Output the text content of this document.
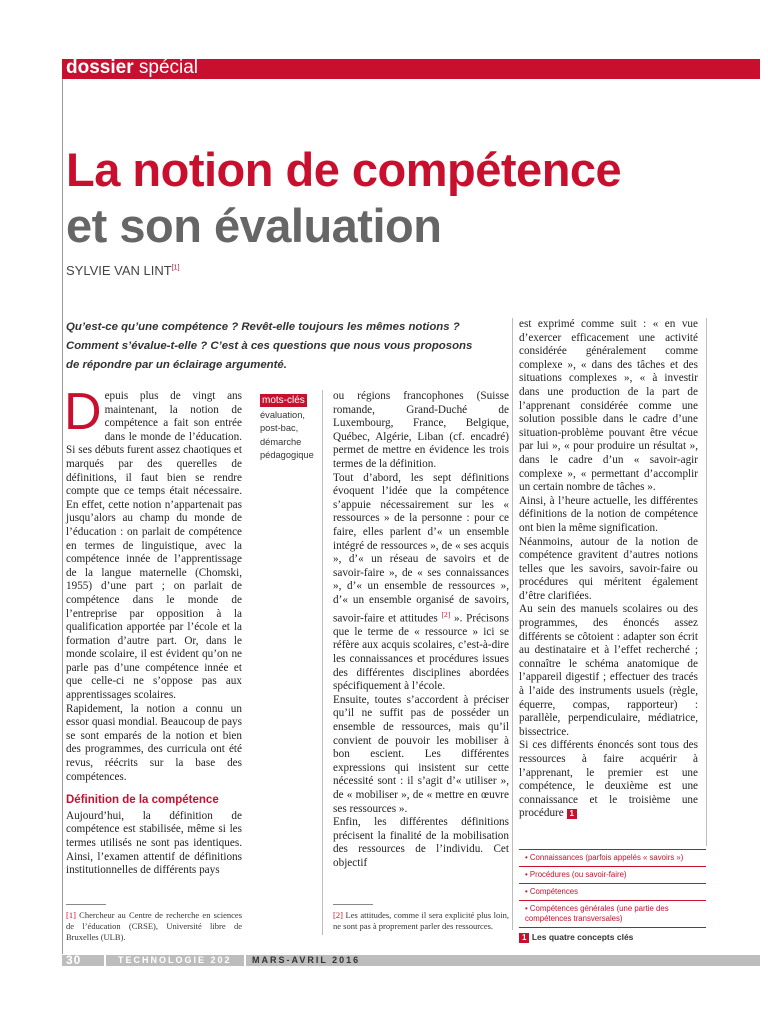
dossier spécial
La notion de compétence
et son évaluation
SYLVIE VAN LINT[1]
Qu’est-ce qu’une compétence ? Revêt-elle toujours les mêmes notions ? Comment s’évalue-t-elle ? C’est à ces questions que nous vous proposons de répondre par un éclairage argumenté.

Depuis plus de vingt ans maintenant, la notion de compétence a fait son entrée dans le monde de l’éducation. Si ses débuts furent assez chaotiques et marqués par des querelles de définitions, il faut bien se rendre compte que ce temps était nécessaire. En effet, cette notion n’appartenait pas jusqu’alors au champ du monde de l’éducation : on parlait de compétence en termes de linguistique, avec la compétence innée de l’apprentissage de la langue maternelle (Chomski, 1955) d’une part ; on parlait de compétence dans le monde de l’entreprise par opposition à la qualification apportée par l’école et la formation d’autre part. Or, dans le monde scolaire, il est évident qu’on ne parle pas d’une compétence innée et que celle-ci ne s’oppose pas aux apprentissages scolaires.

Rapidement, la notion a connu un essor quasi mondial. Beaucoup de pays se sont emparés de la notion et bien des programmes, des curricula ont été revus, réécrits sur la base des compétences.

Définition de la compétence

Aujourd’hui, la définition de compétence est stabilisée, même si les termes utilisés ne sont pas identiques. Ainsi, l’examen attentif de définitions institutionnelles de différents pays

mots-clés
évaluation,
post-bac,
démarche
pédagogique

ou régions francophones (Suisse romande, Grand-Duché de Luxembourg, France, Belgique, Québec, Algérie, Liban (cf. encadré) permet de mettre en évidence les trois termes de la définition.

Tout d’abord, les sept définitions évoquent l’idée que la compétence s’appuie nécessairement sur les « ressources » de la personne : pour ce faire, elles parlent d’« un ensemble intégré de ressources », de « ses acquis », d’« un réseau de savoirs et de savoir-faire », de « ses connaissances », d’« un ensemble de ressources », d’« un ensemble organisé de savoirs, savoir-faire et attitudes [2] ». Précisons que le terme de « ressource » ici se réfère aux acquis scolaires, c’est-à-dire les connaissances et procédures issues des différentes disciplines abordées spécifiquement à l’école.

Ensuite, toutes s’accordent à préciser qu’il ne suffit pas de posséder un ensemble de ressources, mais qu’il convient de pouvoir les mobiliser à bon escient. Les différentes expressions qui insistent sur cette nécessité sont : il s’agit d’« utiliser », de « mobiliser », de « mettre en œuvre ses ressources ».

Enfin, les différentes définitions précisent la finalité de la mobilisation des ressources de l’individu. Cet objectif

est exprimé comme suit : « en vue d’exercer efficacement une activité considérée généralement comme complexe », « dans des tâches et des situations complexes », « à investir dans une production de la part de l’apprenant considérée comme une solution possible dans le cadre d’une situation-problème pouvant être vécue par lui », « pour produire un résultat », dans le cadre d’un « savoir-agir complexe », « permettant d’accomplir un certain nombre de tâches ».

Ainsi, à l’heure actuelle, les différentes définitions de la notion de compétence ont bien la même signification.

Néanmoins, autour de la notion de compétence gravitent d’autres notions telles que les savoirs, savoir-faire ou procédures qui méritent également d’être clarifiées.

Au sein des manuels scolaires ou des programmes, des énoncés assez différents se côtoient : adapter son écrit au destinataire et à l’effet recherché ; connaître le schéma anatomique de l’appareil digestif ; effectuer des tracés à l’aide des instruments usuels (règle, équerre, compas, rapporteur) : parallèle, perpendiculaire, médiatrice, bissectrice.

Si ces différents énoncés sont tous des ressources à faire acquérir à l’apprenant, le premier est une compétence, le deuxième est une connaissance et le troisième une procédure 1

• Connaissances (parfois appelés « savoirs »)
• Procédures (ou savoir-faire)
• Compétences
• Compétences générales (une partie des compétences transversales)
1 Les quatre concepts clés
[1] Chercheur au Centre de recherche en sciences de l’éducation (CRSE), Université libre de Bruxelles (ULB).
[2] Les attitudes, comme il sera explicité plus loin, ne sont pas à proprement parler des ressources.
30	TECHNOLOGIE 202 MARS-AVRIL 2016
